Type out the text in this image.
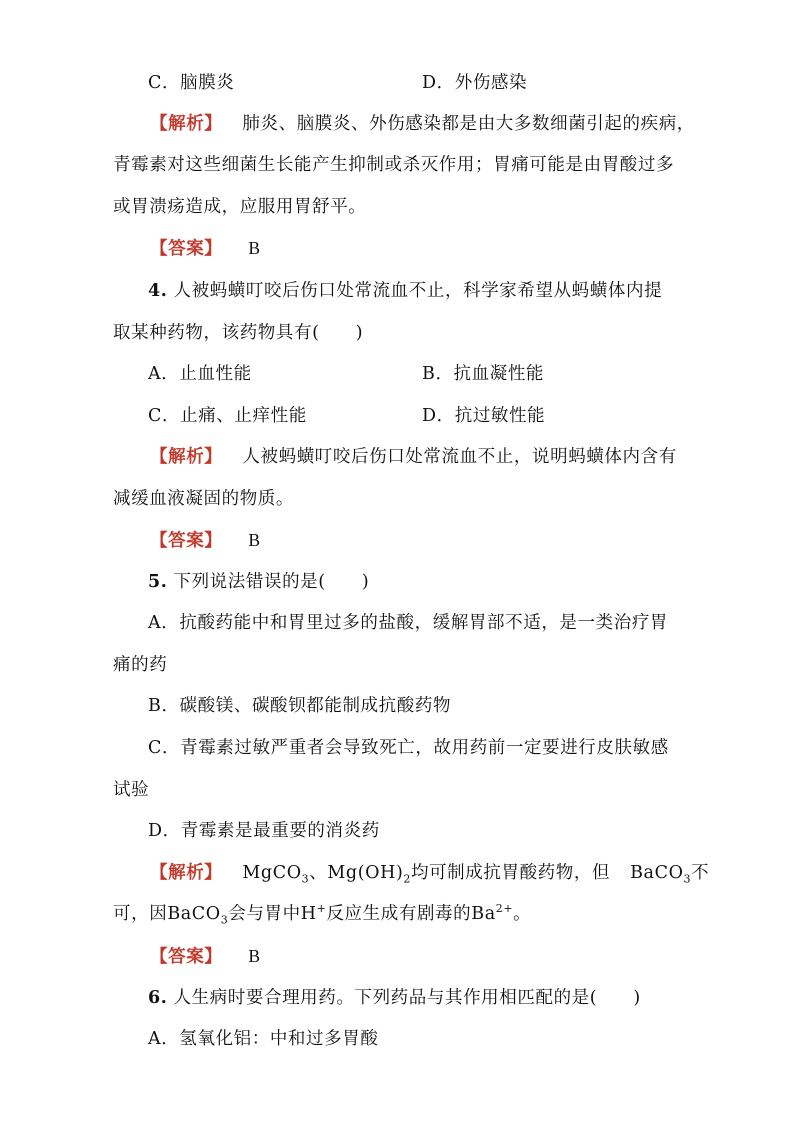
C．脑膜炎	D．外伤感染
【解析】 肺炎、脑膜炎、外伤感染都是由大多数细菌引起的疾病，
青霉素对这些细菌生长能产生抑制或杀灭作用；胃痛可能是由胃酸过多
或胃溃疡造成，应服用胃舒平。
【答案】 B
4. 人被蚂蟥叮咬后伤口处常流血不止，科学家希望从蚂蟥体内提
取某种药物，该药物具有(　　)
A．止血性能	B．抗血凝性能
C．止痛、止痒性能	D．抗过敏性能
【解析】 人被蚂蟥叮咬后伤口处常流血不止，说明蚂蟥体内含有
减缓血液凝固的物质。
【答案】 B
5. 下列说法错误的是(　　)
A．抗酸药能中和胃里过多的盐酸，缓解胃部不适，是一类治疗胃
痛的药
B．碳酸镁、碳酸钡都能制成抗酸药物
C．青霉素过敏严重者会导致死亡，故用药前一定要进行皮肤敏感
试验
D．青霉素是最重要的消炎药
【解析】 MgCO$_3$、$Mg(OH)_2$均可制成抗胃酸药物，但 BaCO$_3$不
可，因BaCO$_3$会与胃中H+反应生成有剧毒的$Ba^{2+}$。
【答案】 B
6. 人生病时要合理用药。下列药品与其作用相匹配的是(　　)
A．氢氧化铝：中和过多胃酸
